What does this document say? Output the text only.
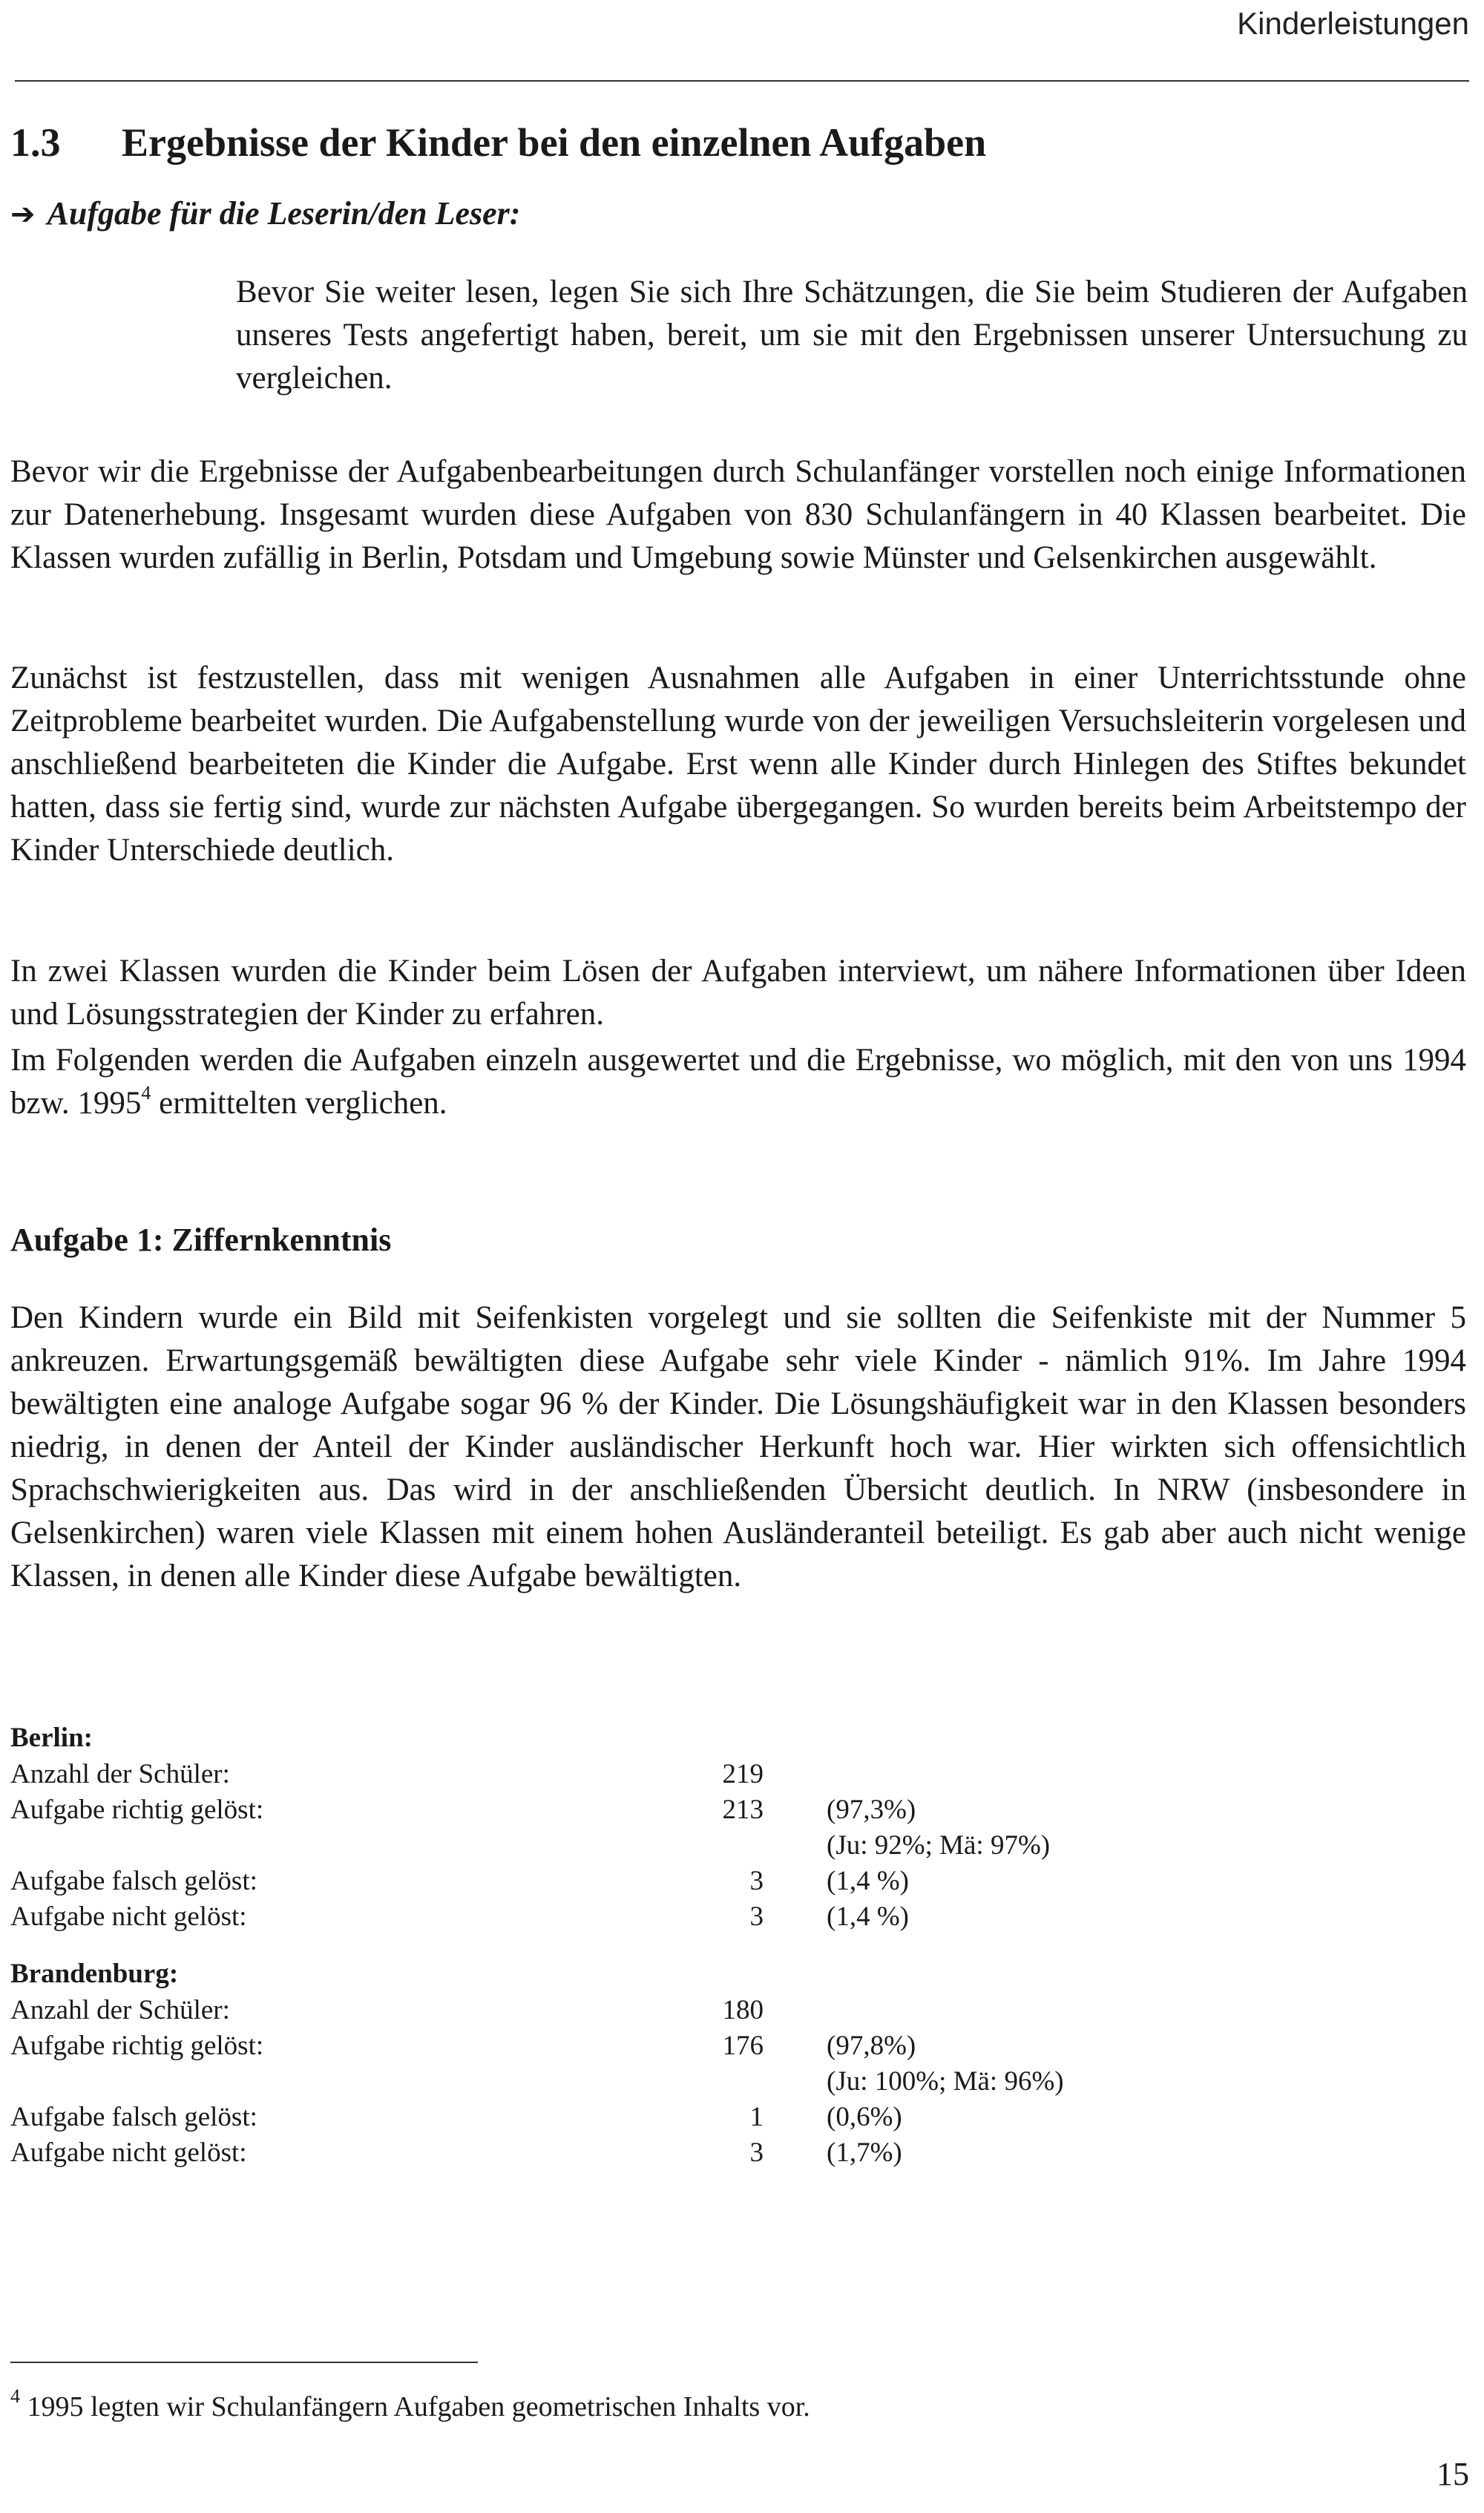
Kinderleistungen
1.3 Ergebnisse der Kinder bei den einzelnen Aufgaben
➔ Aufgabe für die Leserin/den Leser:

Bevor Sie weiter lesen, legen Sie sich Ihre Schätzungen, die Sie beim Studieren der Aufgaben unseres Tests angefertigt haben, bereit, um sie mit den Ergebnissen unserer Untersuchung zu vergleichen.

Bevor wir die Ergebnisse der Aufgabenbearbeitungen durch Schulanfänger vorstellen noch einige Informationen zur Datenerhebung. Insgesamt wurden diese Aufgaben von 830 Schulanfängern in 40 Klassen bearbeitet. Die Klassen wurden zufällig in Berlin, Potsdam und Umgebung sowie Münster und Gelsenkirchen ausgewählt.

Zunächst ist festzustellen, dass mit wenigen Ausnahmen alle Aufgaben in einer Unterrichtsstunde ohne Zeitprobleme bearbeitet wurden. Die Aufgabenstellung wurde von der jeweiligen Versuchsleiterin vorgelesen und anschließend bearbeiteten die Kinder die Aufgabe. Erst wenn alle Kinder durch Hinlegen des Stiftes bekundet hatten, dass sie fertig sind, wurde zur nächsten Aufgabe übergegangen. So wurden bereits beim Arbeitstempo der Kinder Unterschiede deutlich.

In zwei Klassen wurden die Kinder beim Lösen der Aufgaben interviewt, um nähere Informationen über Ideen und Lösungsstrategien der Kinder zu erfahren.

Im Folgenden werden die Aufgaben einzeln ausgewertet und die Ergebnisse, wo möglich, mit den von uns 1994 bzw. 1995$^4$ ermittelten verglichen.

Aufgabe 1: Ziffernkenntnis

Den Kindern wurde ein Bild mit Seifenkisten vorgelegt und sie sollten die Seifenkiste mit der Nummer 5 ankreuzen. Erwartungsgemäß bewältigten diese Aufgabe sehr viele Kinder - nämlich 91%. Im Jahre 1994 bewältigten eine analoge Aufgabe sogar 96 % der Kinder. Die Lösungshäufigkeit war in den Klassen besonders niedrig, in denen der Anteil der Kinder ausländischer Herkunft hoch war. Hier wirkten sich offensichtlich Sprachschwierigkeiten aus. Das wird in der anschließenden Übersicht deutlich. In NRW (insbesondere in Gelsenkirchen) waren viele Klassen mit einem hohen Ausländeranteil beteiligt. Es gab aber auch nicht wenige Klassen, in denen alle Kinder diese Aufgabe bewältigten.

Berlin:
Anzahl der Schüler:	219
Aufgabe richtig gelöst:	213	(97,3%)
(Ju: 92%; Mä: 97%)
Aufgabe falsch gelöst:	3	(1,4 %)
Aufgabe nicht gelöst:	3	(1,4 %)
Brandenburg:
Anzahl der Schüler:	180
Aufgabe richtig gelöst:	176	(97,8%)
(Ju: 100%; Mä: 96%)
Aufgabe falsch gelöst:	1	(0,6%)
Aufgabe nicht gelöst:	3	(1,7%)

$^4$ 1995 legten wir Schulanfängern Aufgaben geometrischen Inhalts vor.

15
